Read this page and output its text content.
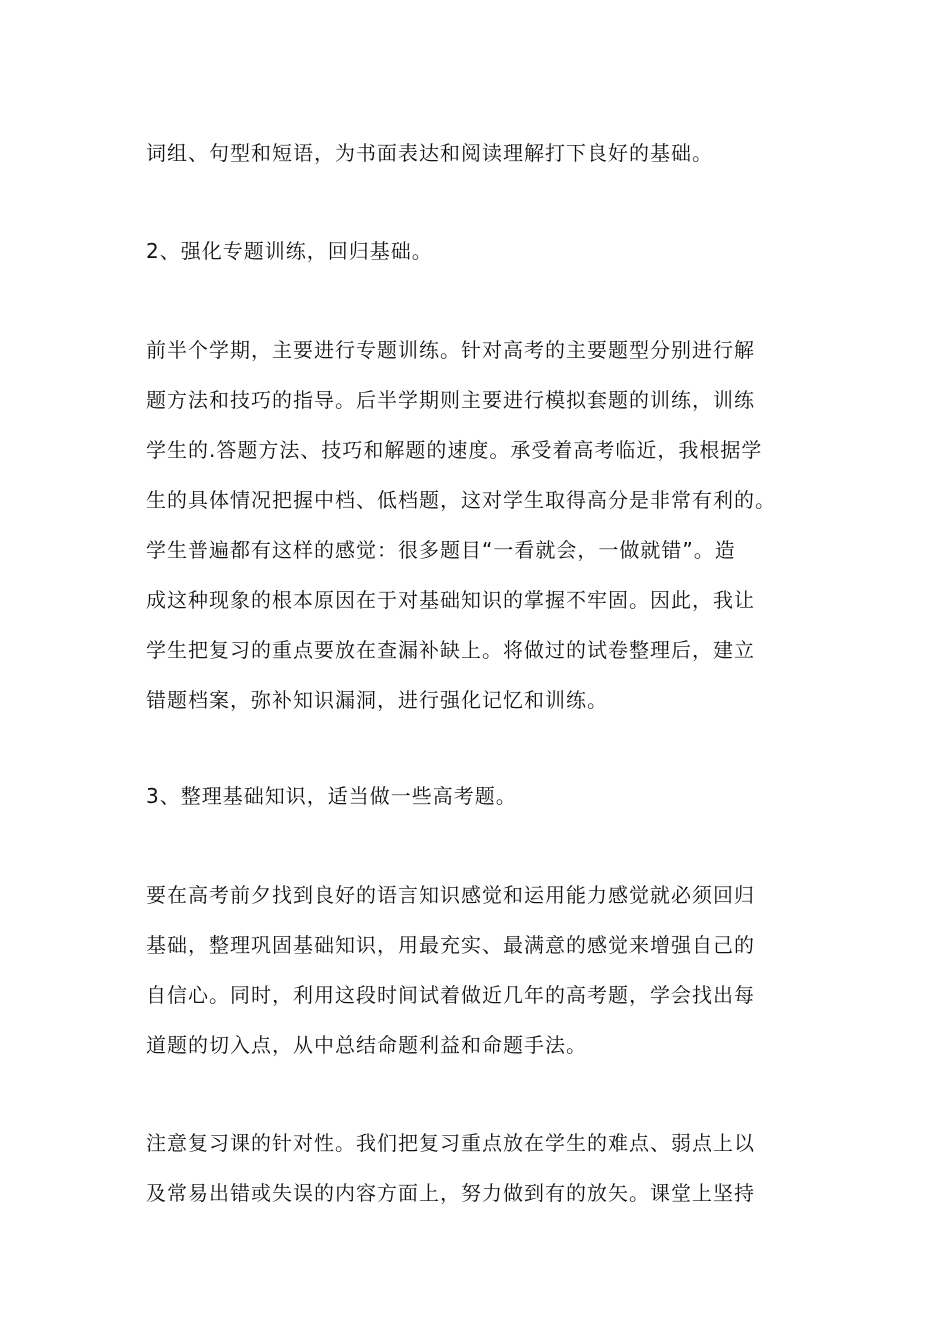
词组、句型和短语，为书面表达和阅读理解打下良好的基础。

2、强化专题训练，回归基础。

前半个学期，主要进行专题训练。针对高考的主要题型分别进行解
题方法和技巧的指导。后半学期则主要进行模拟套题的训练，训练
学生的.答题方法、技巧和解题的速度。承受着高考临近，我根据学
生的具体情况把握中档、低档题，这对学生取得高分是非常有利的。
学生普遍都有这样的感觉：很多题目“一看就会，一做就错”。造
成这种现象的根本原因在于对基础知识的掌握不牢固。因此，我让
学生把复习的重点要放在查漏补缺上。将做过的试卷整理后，建立
错题档案，弥补知识漏洞，进行强化记忆和训练。

3、整理基础知识，适当做一些高考题。

要在高考前夕找到良好的语言知识感觉和运用能力感觉就必须回归
基础，整理巩固基础知识，用最充实、最满意的感觉来增强自己的
自信心。同时，利用这段时间试着做近几年的高考题，学会找出每
道题的切入点，从中总结命题利益和命题手法。

注意复习课的针对性。我们把复习重点放在学生的难点、弱点上以
及常易出错或失误的内容方面上，努力做到有的放矢。课堂上坚持
